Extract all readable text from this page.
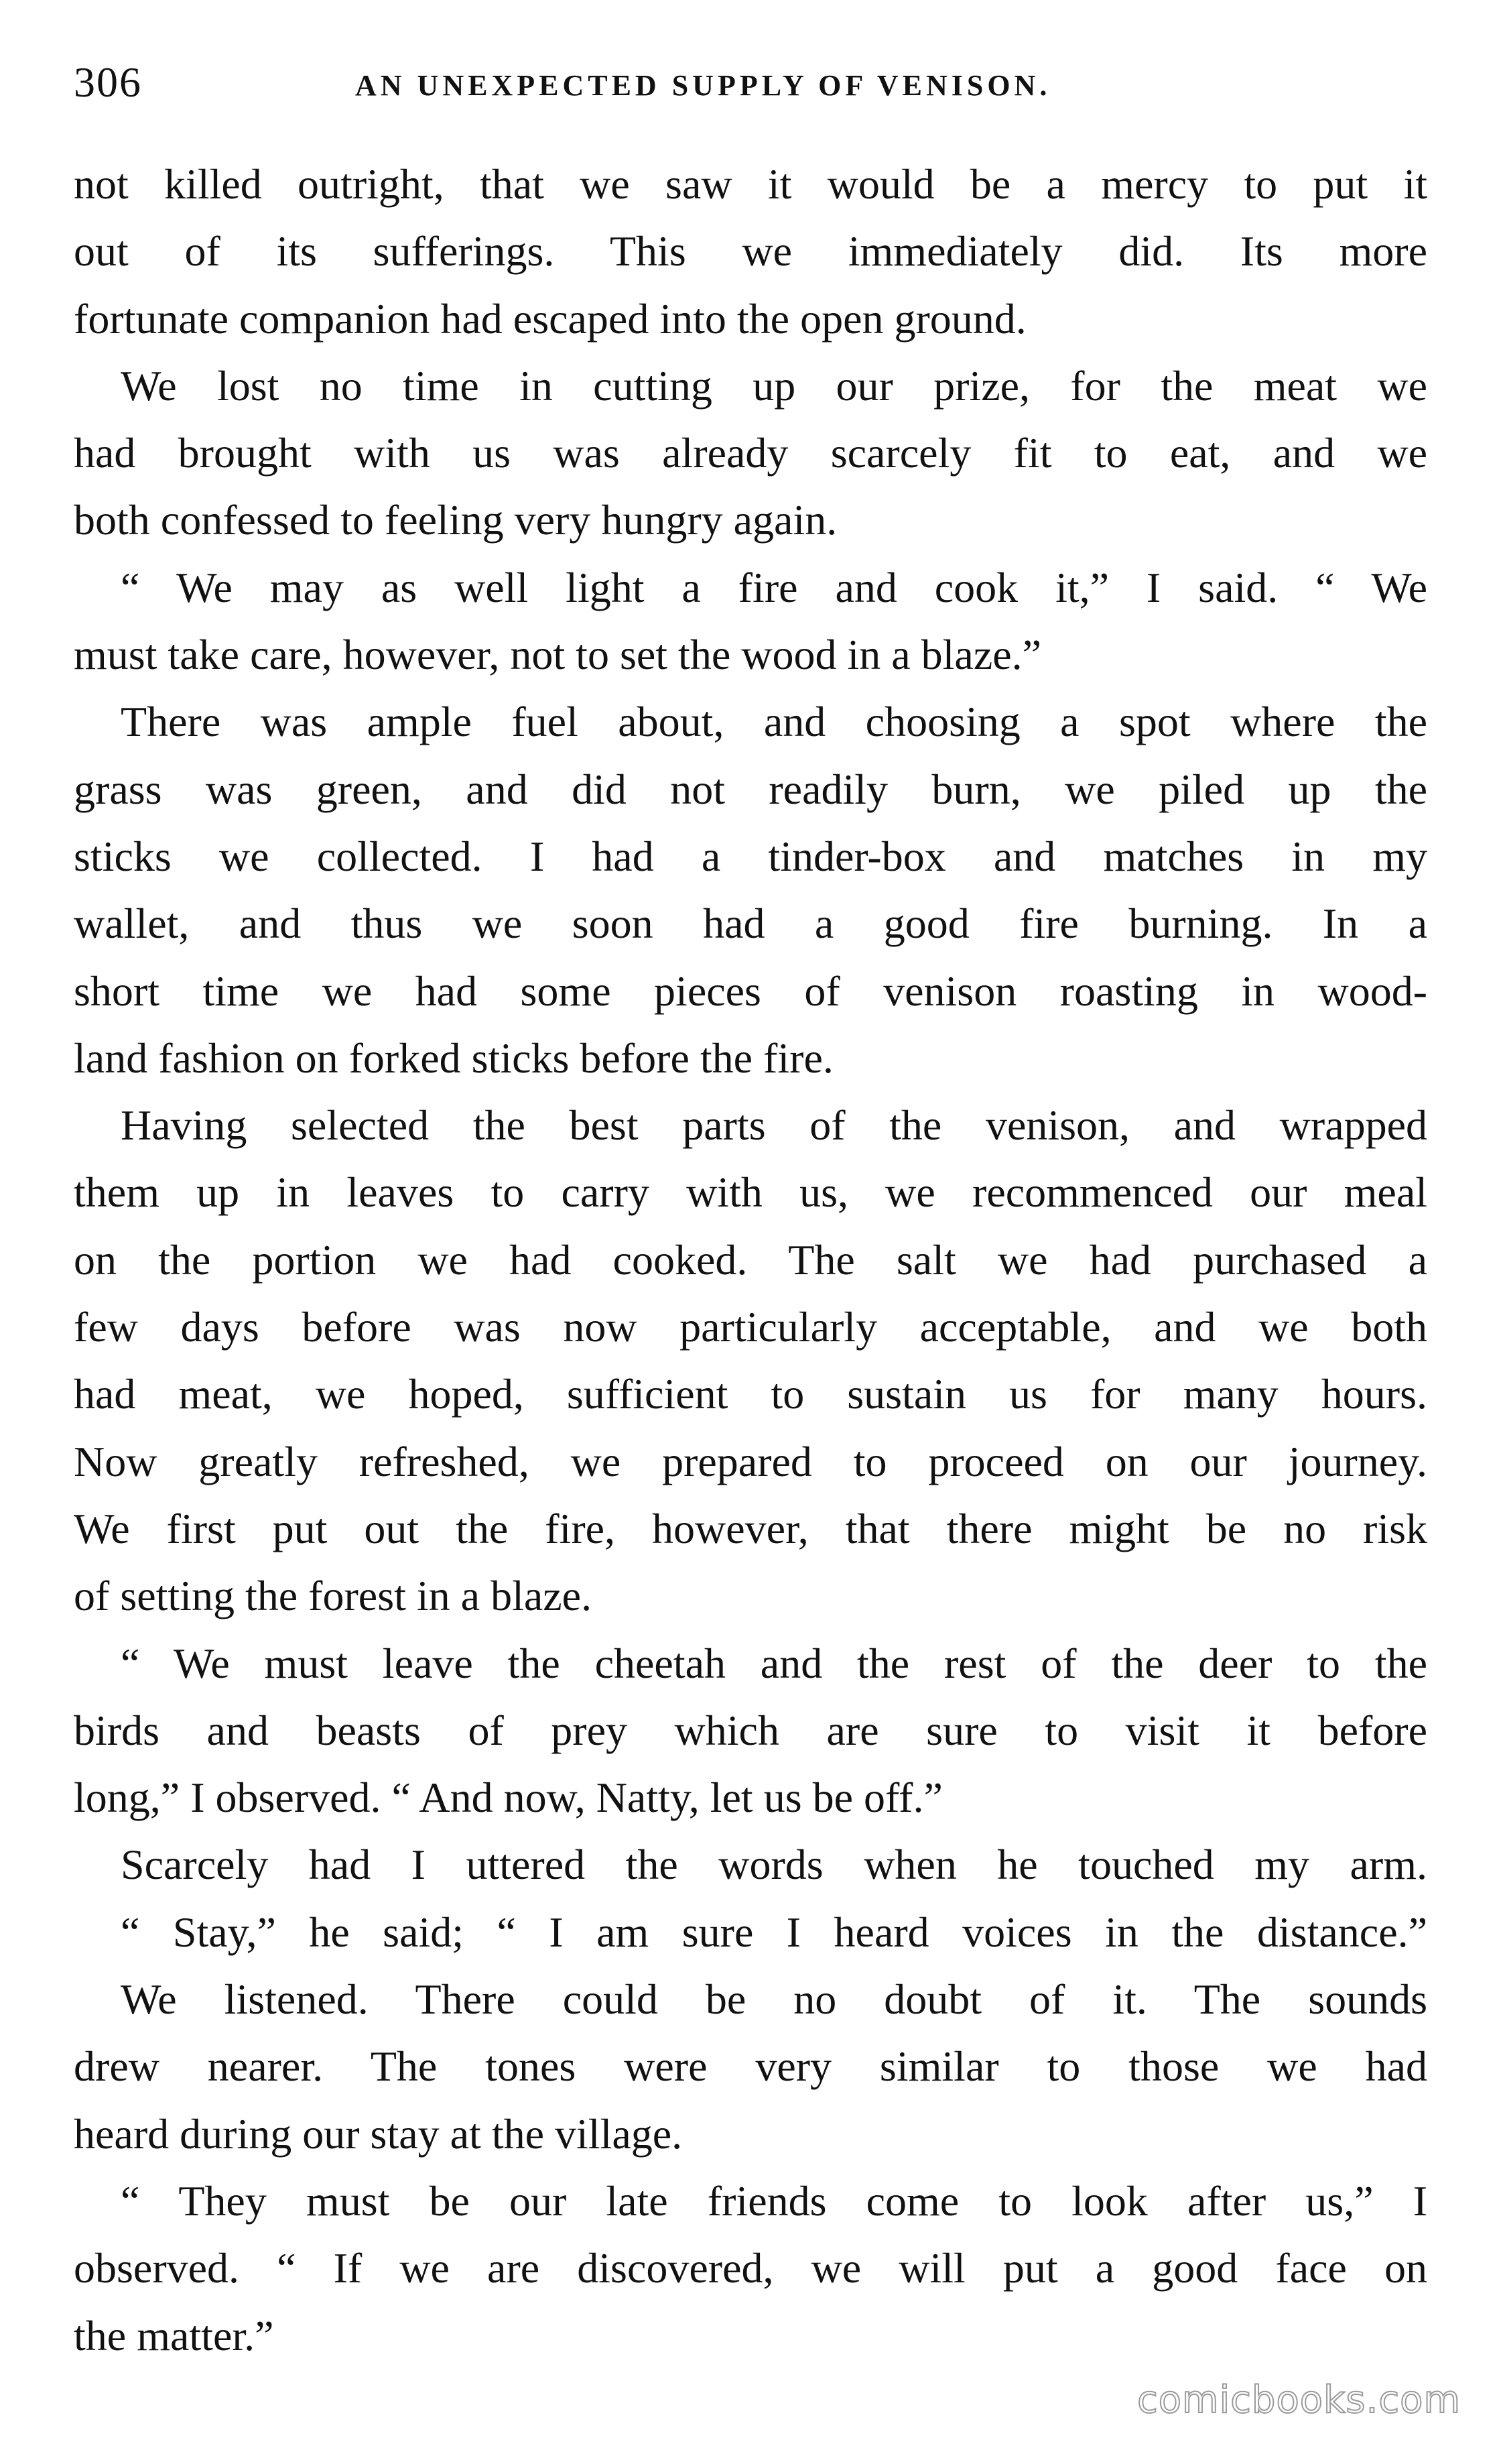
306	AN UNEXPECTED SUPPLY OF VENISON.
not killed outright, that we saw it would be a mercy to put it
out of its sufferings. This we immediately did. Its more
fortunate companion had escaped into the open ground.
We lost no time in cutting up our prize, for the meat we
had brought with us was already scarcely fit to eat, and we
both confessed to feeling very hungry again.
“ We may as well light a fire and cook it,” I said. “ We
must take care, however, not to set the wood in a blaze.”
There was ample fuel about, and choosing a spot where the
grass was green, and did not readily burn, we piled up the
sticks we collected. I had a tinder-box and matches in my
wallet, and thus we soon had a good fire burning. In a
short time we had some pieces of venison roasting in wood-
land fashion on forked sticks before the fire.
Having selected the best parts of the venison, and wrapped
them up in leaves to carry with us, we recommenced our meal
on the portion we had cooked. The salt we had purchased a
few days before was now particularly acceptable, and we both
had meat, we hoped, sufficient to sustain us for many hours.
Now greatly refreshed, we prepared to proceed on our journey.
We first put out the fire, however, that there might be no risk
of setting the forest in a blaze.
“ We must leave the cheetah and the rest of the deer to the
birds and beasts of prey which are sure to visit it before
long,” I observed. “ And now, Natty, let us be off.”
Scarcely had I uttered the words when he touched my arm.
“ Stay,” he said; “ I am sure I heard voices in the distance.”
We listened. There could be no doubt of it. The sounds
drew nearer. The tones were very similar to those we had
heard during our stay at the village.
“ They must be our late friends come to look after us,” I
observed. “ If we are discovered, we will put a good face on
the matter.”
comicbooks.com
